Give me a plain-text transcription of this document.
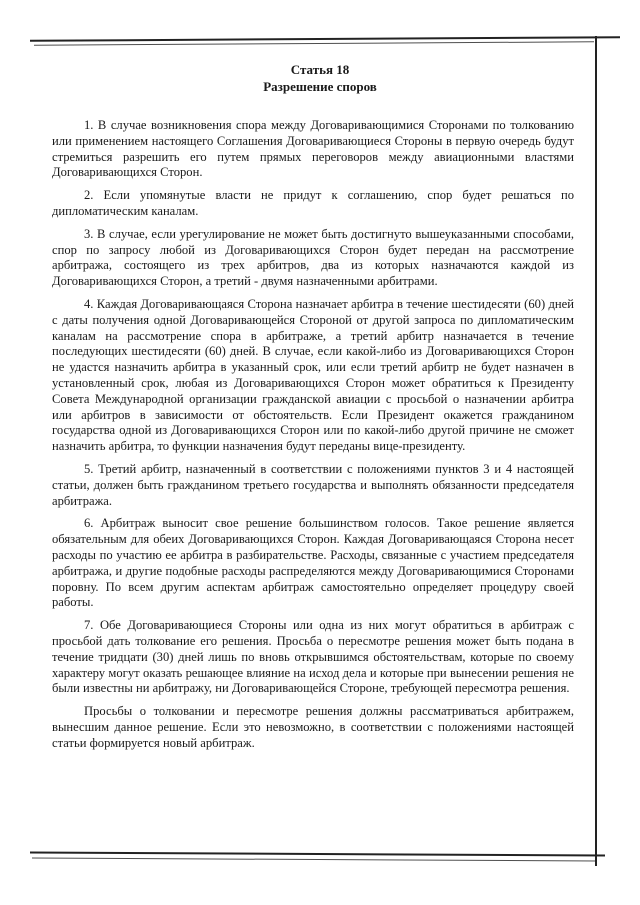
Статья 18
Разрешение споров

1. В случае возникновения спора между Договаривающимися Сторонами по толкованию или применением настоящего Соглашения Договаривающиеся Стороны в первую очередь будут стремиться разрешить его путем прямых переговоров между авиационными властями Договаривающихся Сторон.

2. Если упомянутые власти не придут к соглашению, спор будет решаться по дипломатическим каналам.

3. В случае, если урегулирование не может быть достигнуто вышеуказанными способами, спор по запросу любой из Договаривающихся Сторон будет передан на рассмотрение арбитража, состоящего из трех арбитров, два из которых назначаются каждой из Договаривающихся Сторон, а третий - двумя назначенными арбитрами.

4. Каждая Договаривающаяся Сторона назначает арбитра в течение шестидесяти (60) дней с даты получения одной Договаривающейся Стороной от другой запроса по дипломатическим каналам на рассмотрение спора в арбитраже, а третий арбитр назначается в течение последующих шестидесяти (60) дней. В случае, если какой-либо из Договаривающихся Сторон не удастся назначить арбитра в указанный срок, или если третий арбитр не будет назначен в установленный срок, любая из Договаривающихся Сторон может обратиться к Президенту Совета Международной организации гражданской авиации с просьбой о назначении арбитра или арбитров в зависимости от обстоятельств. Если Президент окажется гражданином государства одной из Договаривающихся Сторон или по какой-либо другой причине не сможет назначить арбитра, то функции назначения будут переданы вице-президенту.

5. Третий арбитр, назначенный в соответствии с положениями пунктов 3 и 4 настоящей статьи, должен быть гражданином третьего государства и выполнять обязанности председателя арбитража.

6. Арбитраж выносит свое решение большинством голосов. Такое решение является обязательным для обеих Договаривающихся Сторон. Каждая Договаривающаяся Сторона несет расходы по участию ее арбитра в разбирательстве. Расходы, связанные с участием председателя арбитража, и другие подобные расходы распределяются между Договаривающимися Сторонами поровну. По всем другим аспектам арбитраж самостоятельно определяет процедуру своей работы.

7. Обе Договаривающиеся Стороны или одна из них могут обратиться в арбитраж с просьбой дать толкование его решения. Просьба о пересмотре решения может быть подана в течение тридцати (30) дней лишь по вновь открывшимся обстоятельствам, которые по своему характеру могут оказать решающее влияние на исход дела и которые при вынесении решения не были известны ни арбитражу, ни Договаривающейся Стороне, требующей пересмотра решения.

Просьбы о толковании и пересмотре решения должны рассматриваться арбитражем, вынесшим данное решение. Если это невозможно, в соответствии с положениями настоящей статьи формируется новый арбитраж.
